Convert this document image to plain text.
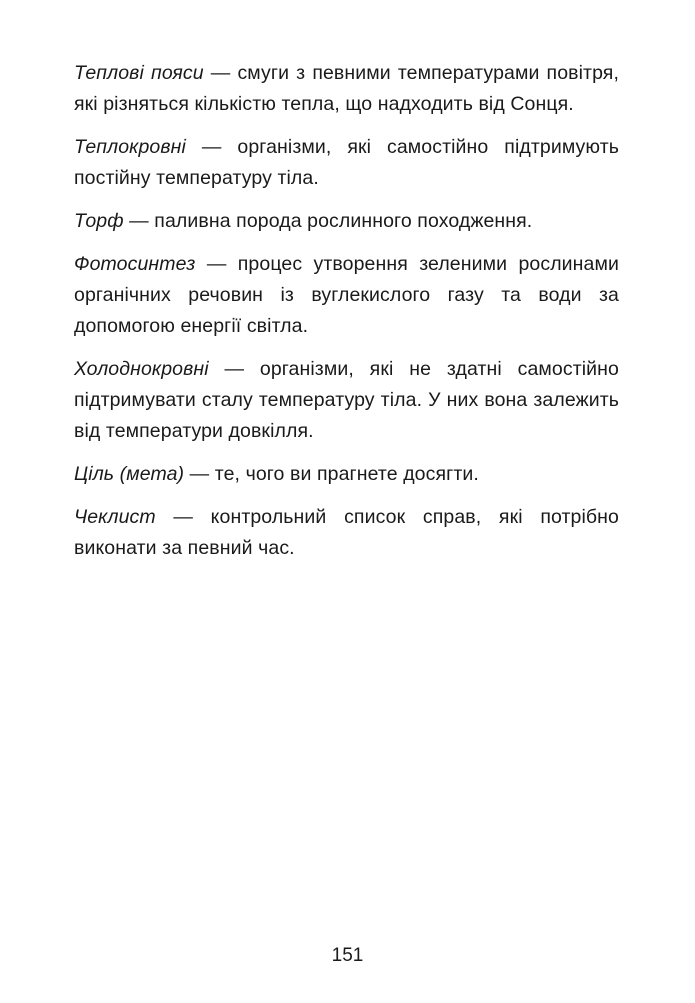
Теплові пояси — смуги з певними температурами повітря, які різняться кількістю тепла, що надходить від Сонця.

Теплокровні — організми, які самостійно підтримують постійну температуру тіла.

Торф — паливна порода рослинного походження.

Фотосинтез — процес утворення зеленими рослинами органічних речовин із вуглекислого газу та води за допомогою енергії світла.

Холоднокровні — організми, які не здатні самостійно підтримувати сталу температуру тіла. У них вона залежить від температури довкілля.

Ціль (мета) — те, чого ви прагнете досягти.

Чеклист — контрольний список справ, які потрібно виконати за певний час.

151
